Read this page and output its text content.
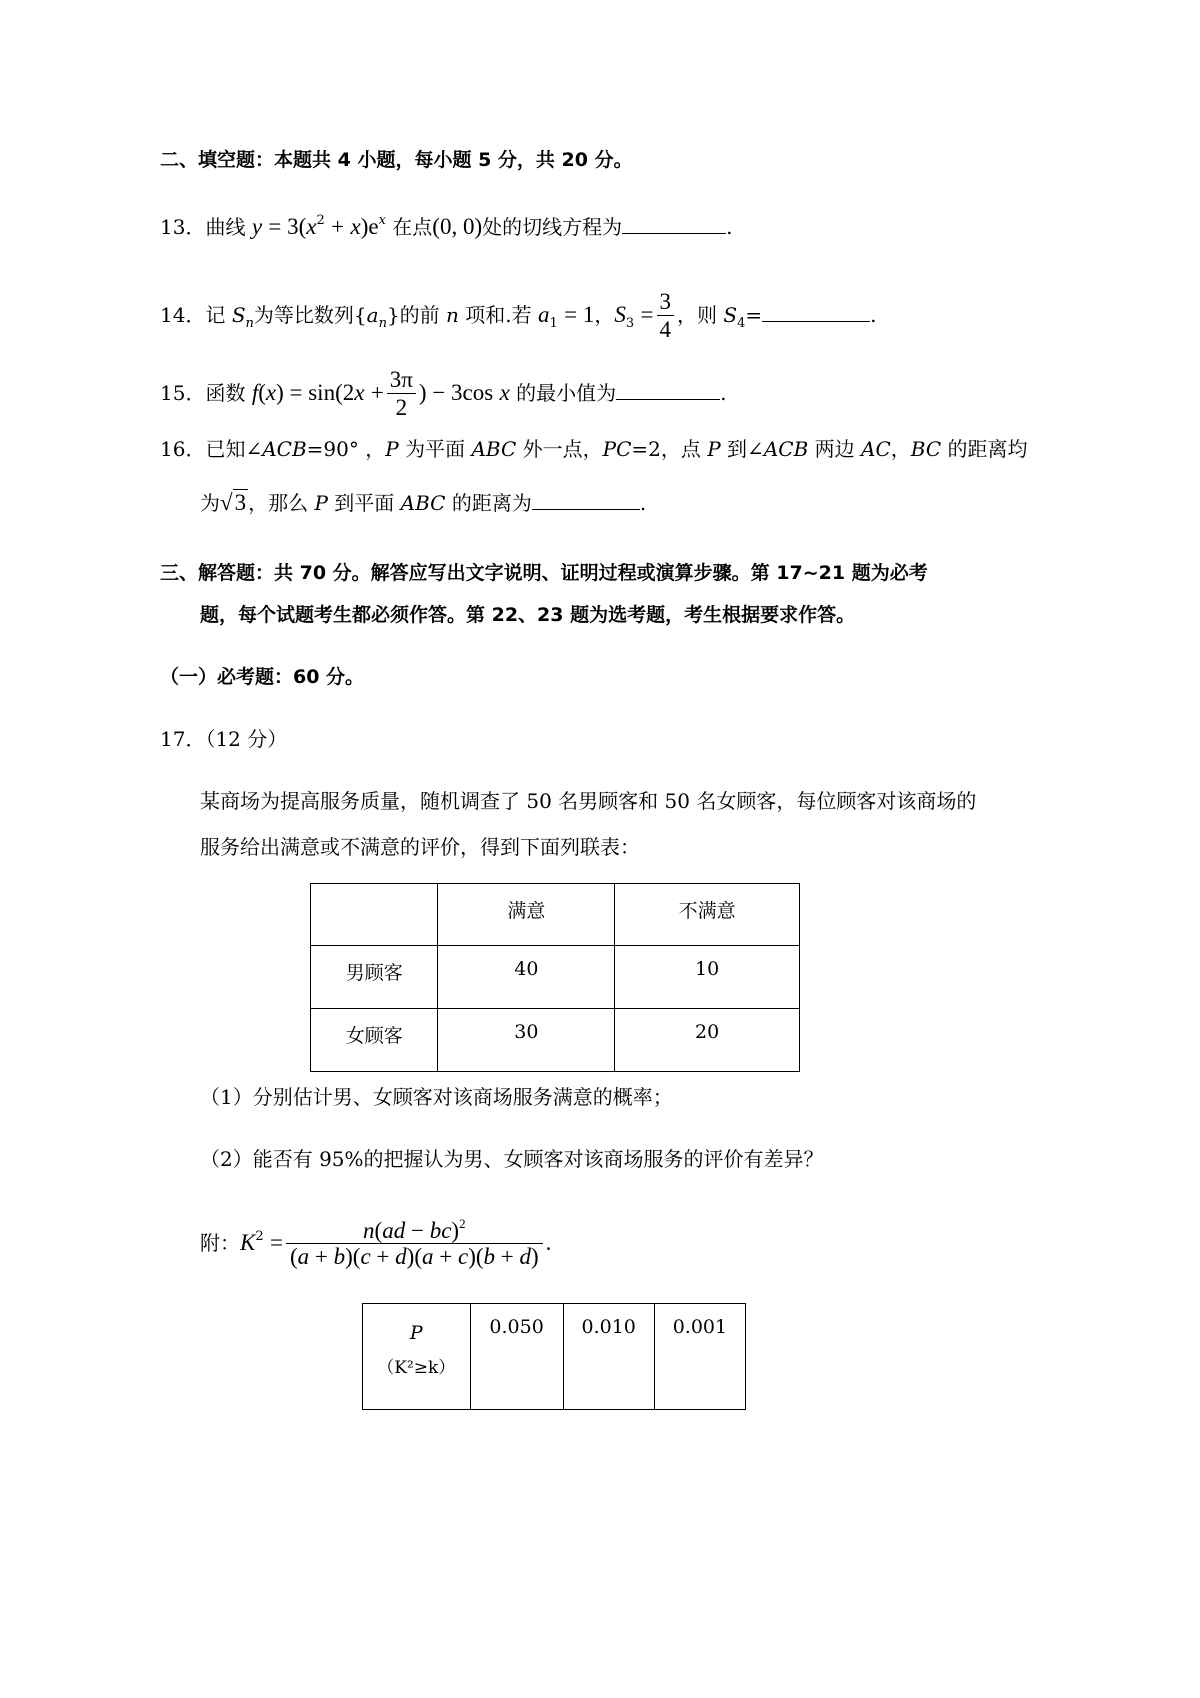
二、填空题：本题共 4 小题，每小题 5 分，共 20 分。
13．曲线 $y = 3(x^2 + x)e^x$ 在点(0, 0)处的切线方程为	.
14．记 $S_n$为等比数列$\{a_n\}$的前 n 项和.若 $a_1 = 1$，$S_3 = \frac{3}{4}$ ，则 $S_4=$	.
15．函数 $f(x) = \sin(2x + \frac{3\pi}{2}$ ) − 3cos x 的最小值为	.
16．已知∠ACB=90° ，P 为平面 ABC 外一点，PC=2，点 P 到∠ACB 两边 AC，BC 的距离均
为√3 ，那么 P 到平面 ABC 的距离为	.
三、解答题：共 70 分。解答应写出文字说明、证明过程或演算步骤。第 17~21 题为必考
题，每个试题考生都必须作答。第 22、23 题为选考题，考生根据要求作答。
（一）必考题：60 分。
17．（12 分）
某商场为提高服务质量，随机调查了 50 名男顾客和 50 名女顾客，每位顾客对该商场的
服务给出满意或不满意的评价，得到下面列联表：
	满意	不满意
男顾客	40	10
女顾客	30	20
（1）分别估计男、女顾客对该商场服务满意的概率；
（2）能否有 95%的把握认为男、女顾客对该商场服务的评价有差异？
附：$K^2 = \frac{n(ad - bc)^2}{(a + b)(c + d)(a + c)(b + d)}$ .
P
（K²≥k）	0.050	0.010	0.001
